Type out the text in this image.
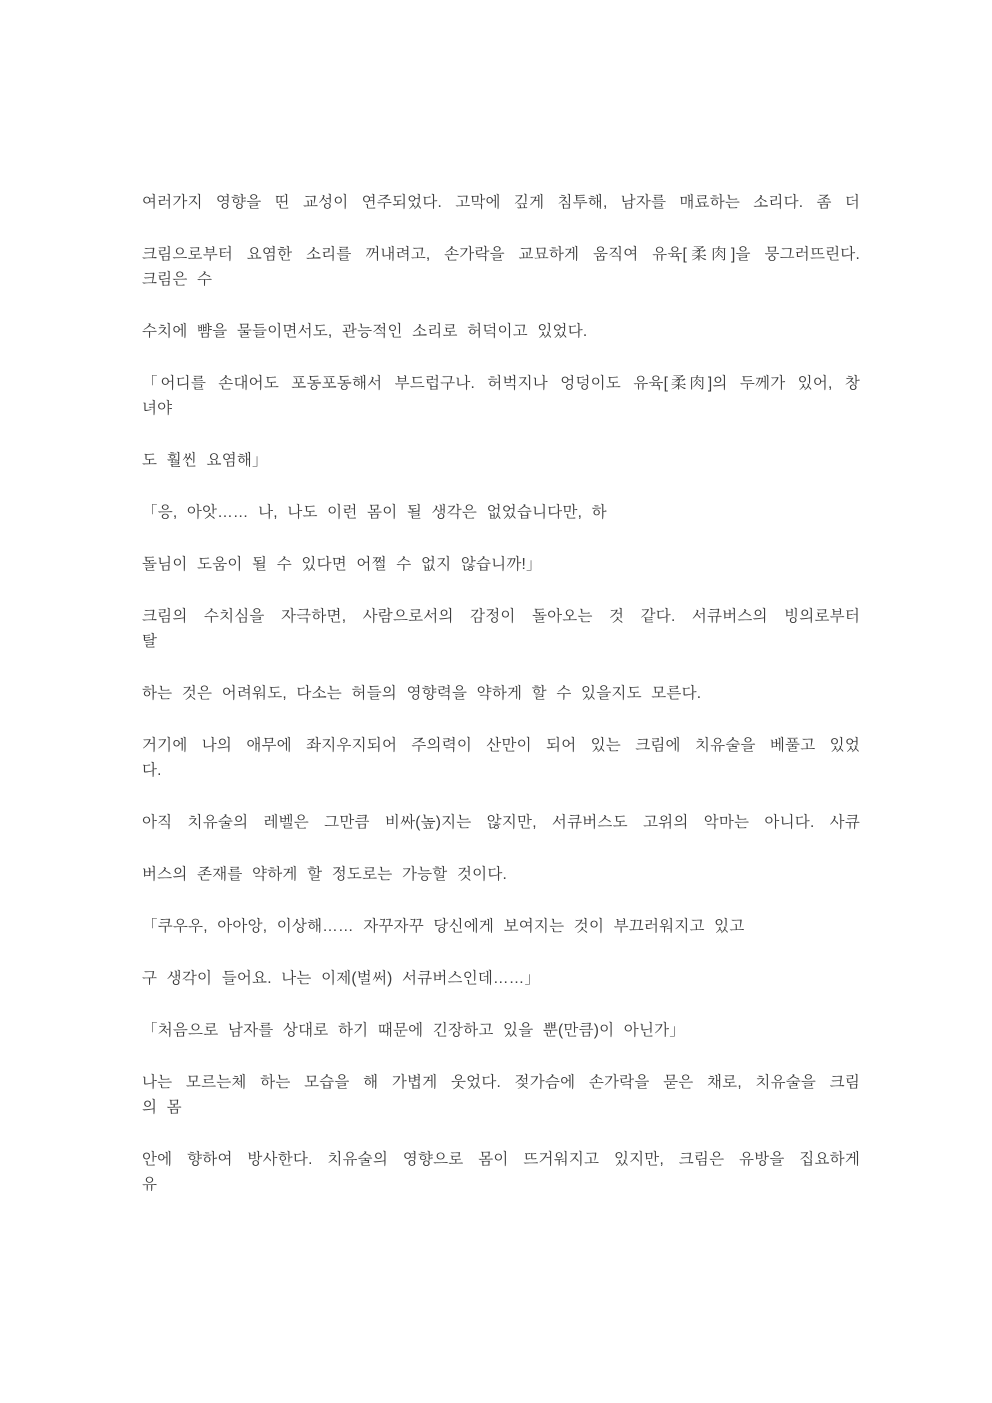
여러가지 영향을 띤 교성이 연주되었다. 고막에 깊게 침투해, 남자를 매료하는 소리다. 좀 더
크림으로부터 요염한 소리를 꺼내려고, 손가락을 교묘하게 움직여 유육[柔肉]을 뭉그러뜨린다.
크림은 수
수치에 뺨을 물들이면서도, 관능적인 소리로 허덕이고 있었다.
「어디를 손대어도 포동포동해서 부드럽구나. 허벅지나 엉덩이도 유육[柔肉]의 두께가 있어, 창
녀야
도 훨씬 요염해」
「응, 아앗…… 나, 나도 이런 몸이 될 생각은 없었습니다만, 하
돌님이 도움이 될 수 있다면 어쩔 수 없지 않습니까!」
크림의 수치심을 자극하면, 사람으로서의 감정이 돌아오는 것 같다. 서큐버스의 빙의로부터
탈
하는 것은 어려워도, 다소는 허들의 영향력을 약하게 할 수 있을지도 모른다.
거기에 나의 애무에 좌지우지되어 주의력이 산만이 되어 있는 크림에 치유술을 베풀고 있었
다.
아직 치유술의 레벨은 그만큼 비싸(높)지는 않지만, 서큐버스도 고위의 악마는 아니다. 사큐
버스의 존재를 약하게 할 정도로는 가능할 것이다.
「쿠우우, 아아앙, 이상해…… 자꾸자꾸 당신에게 보여지는 것이 부끄러워지고 있고
구 생각이 들어요. 나는 이제(벌써) 서큐버스인데……」
「처음으로 남자를 상대로 하기 때문에 긴장하고 있을 뿐(만큼)이 아닌가」
나는 모르는체 하는 모습을 해 가볍게 웃었다. 젖가슴에 손가락을 묻은 채로, 치유술을 크림
의 몸
안에 향하여 방사한다. 치유술의 영향으로 몸이 뜨거워지고 있지만, 크림은 유방을 집요하게
유
